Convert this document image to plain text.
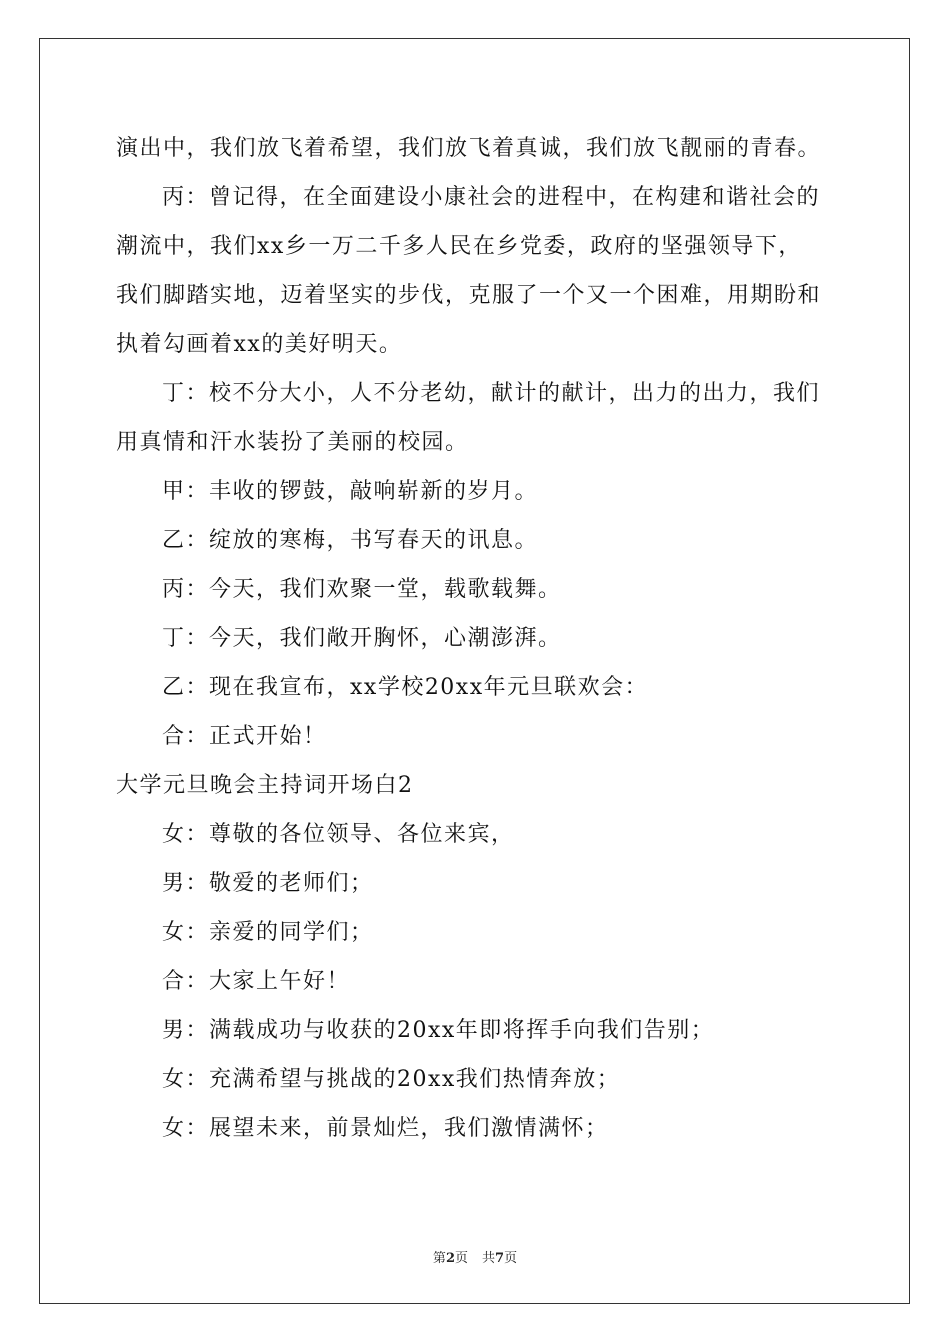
演出中，我们放飞着希望，我们放飞着真诚，我们放飞靓丽的青春。
丙：曾记得，在全面建设小康社会的进程中，在构建和谐社会的
潮流中，我们xx乡一万二千多人民在乡党委，政府的坚强领导下，
我们脚踏实地，迈着坚实的步伐，克服了一个又一个困难，用期盼和
执着勾画着xx的美好明天。
丁：校不分大小，人不分老幼，献计的献计，出力的出力，我们
用真情和汗水装扮了美丽的校园。
甲：丰收的锣鼓，敲响崭新的岁月。
乙：绽放的寒梅，书写春天的讯息。
丙：今天，我们欢聚一堂，载歌载舞。
丁：今天，我们敞开胸怀，心潮澎湃。
乙：现在我宣布，xx学校20xx年元旦联欢会：
合：正式开始！
大学元旦晚会主持词开场白2
女：尊敬的各位领导、各位来宾，
男：敬爱的老师们；
女：亲爱的同学们；
合：大家上午好！
男：满载成功与收获的20xx年即将挥手向我们告别；
女：充满希望与挑战的20xx我们热情奔放；
女：展望未来，前景灿烂，我们激情满怀；
第2页 共7页
